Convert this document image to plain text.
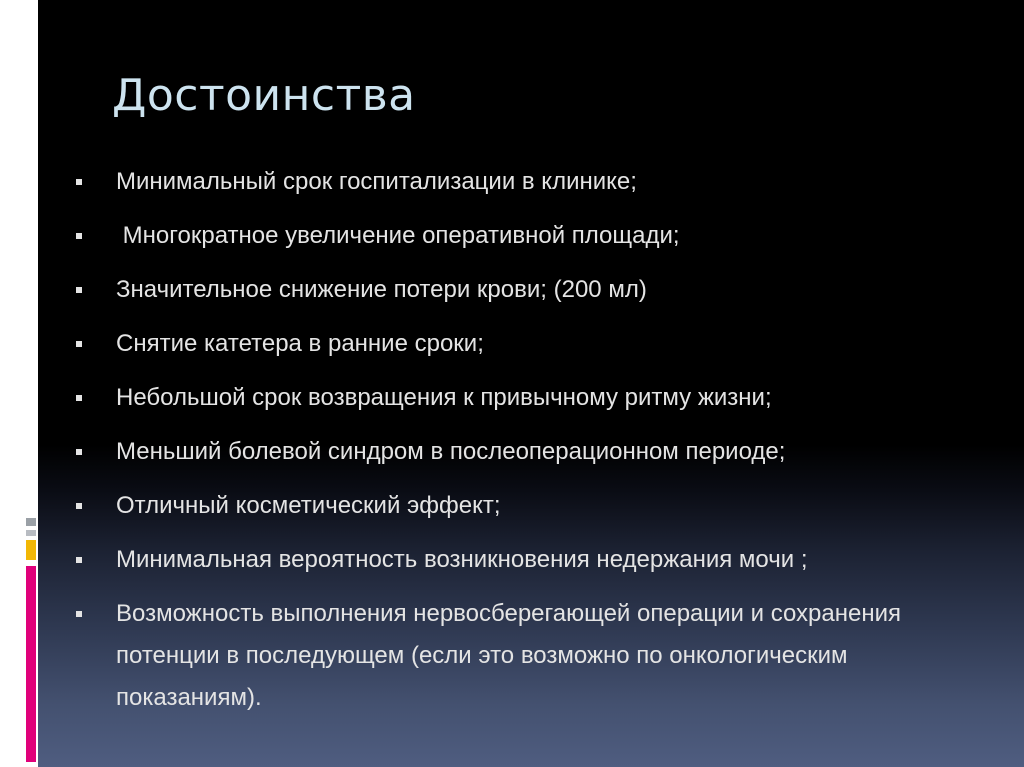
Достоинства
Минимальный срок госпитализации в клинике;
Многократное увеличение оперативной площади;
Значительное снижение потери крови; (200 мл)
Снятие катетера в ранние сроки;
Небольшой срок возвращения к привычному ритму жизни;
Меньший болевой синдром в послеоперационном периоде;
Отличный косметический эффект;
Минимальная вероятность возникновения недержания мочи ;
Возможность выполнения нервосберегающей операции и сохранения потенции в последующем (если это возможно по онкологическим показаниям).
